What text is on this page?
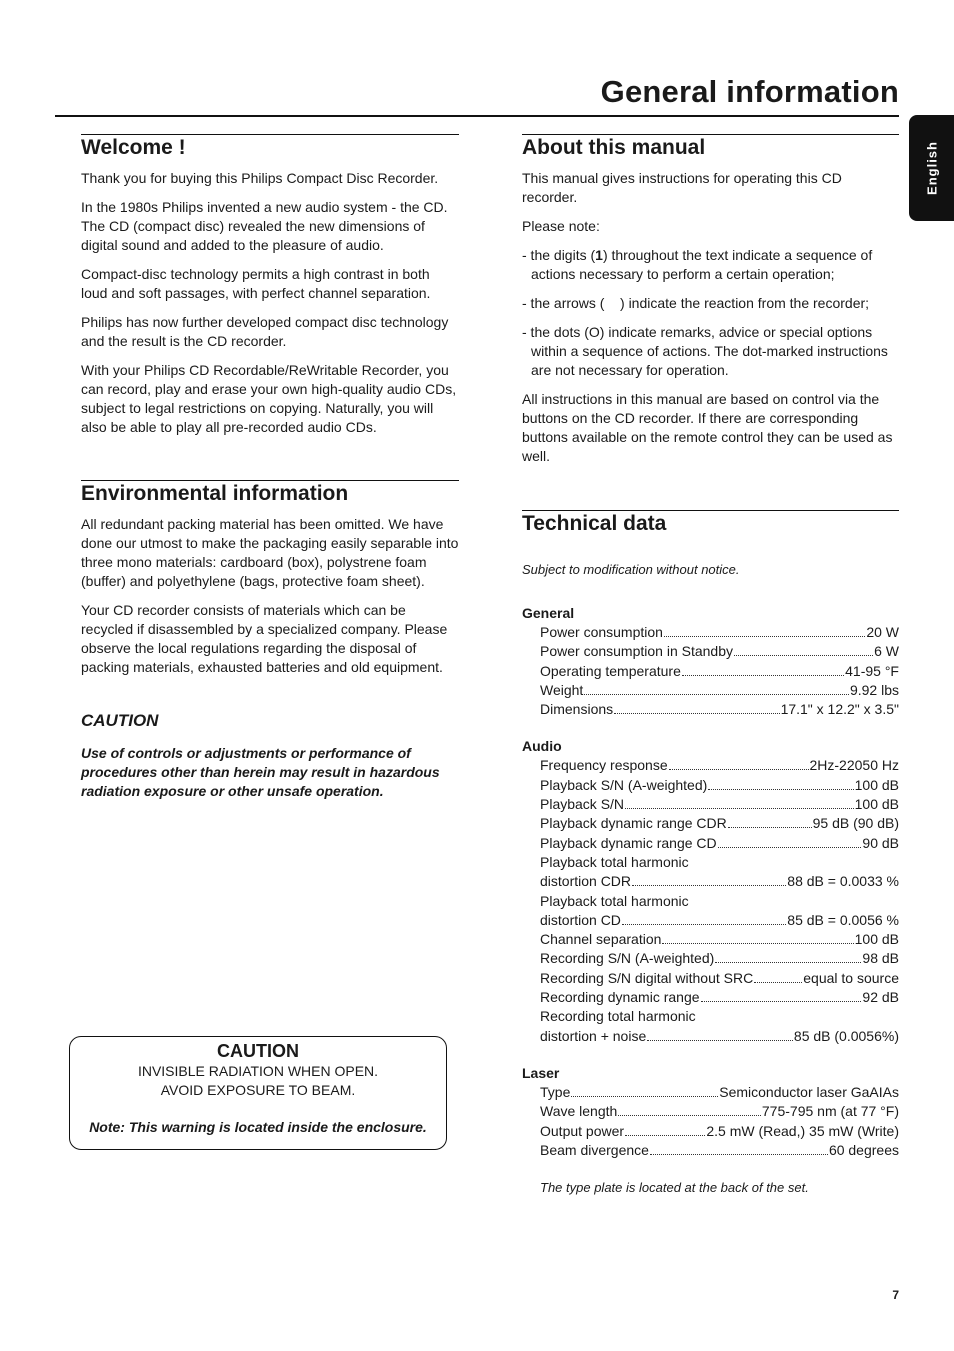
General information
English
Welcome !

Thank you for buying this Philips Compact Disc Recorder.

In the 1980s Philips invented a new audio system - the CD. The CD (compact disc) revealed the new dimensions of digital sound and added to the pleasure of audio.

Compact-disc technology permits a high contrast in both loud and soft passages, with perfect channel separation.

Philips has now further developed compact disc technology and the result is the CD recorder.

With your Philips CD Recordable/ReWritable Recorder, you can record, play and erase your own high-quality audio CDs, subject to legal restrictions on copying. Naturally, you will also be able to play all pre-recorded audio CDs.

Environmental information

All redundant packing material has been omitted. We have done our utmost to make the packaging easily separable into three mono materials: cardboard (box), polystrene foam (buffer) and polyethylene (bags, protective foam sheet).

Your CD recorder consists of materials which can be recycled if disassembled by a specialized company. Please observe the local regulations regarding the disposal of packing materials, exhausted batteries and old equipment.

CAUTION

Use of controls or adjustments or performance of procedures other than herein may result in hazardous radiation exposure or other unsafe operation.

CAUTION
INVISIBLE RADIATION WHEN OPEN.
AVOID EXPOSURE TO BEAM.
Note: This warning is located inside the enclosure.
About this manual

This manual gives instructions for operating this CD recorder.

Please note:

- the digits (1) throughout the text indicate a sequence of actions necessary to perform a certain operation;

- the arrows (    ) indicate the reaction from the recorder;

- the dots (O) indicate remarks, advice or special options within a sequence of actions. The dot-marked instructions are not necessary for operation.

All instructions in this manual are based on control via the buttons on the CD recorder. If there are corresponding buttons available on the remote control they can be used as well.

Technical data
Subject to modification without notice.
General
Power consumption	20 W
Power consumption in Standby	6 W
Operating temperature	41-95 °F
Weight	9.92 lbs
Dimensions	17.1" x 12.2" x 3.5"
Audio
Frequency response	2Hz-22050 Hz
Playback S/N (A-weighted)	100 dB
Playback S/N	100 dB
Playback dynamic range CDR	95 dB (90 dB)
Playback dynamic range CD	90 dB
Playback total harmonic
distortion CDR	88 dB = 0.0033 %
Playback total harmonic
distortion CD	85 dB = 0.0056 %
Channel separation	100 dB
Recording S/N (A-weighted)	98 dB
Recording S/N digital without SRC	equal to source
Recording dynamic range	92 dB
Recording total harmonic
distortion + noise	85 dB (0.0056%)
Laser
Type	Semiconductor laser GaAIAs
Wave length	775-795 nm (at 77 °F)
Output power	2.5 mW (Read,) 35 mW (Write)
Beam divergence	60 degrees
The type plate is located at the back of the set.
7
